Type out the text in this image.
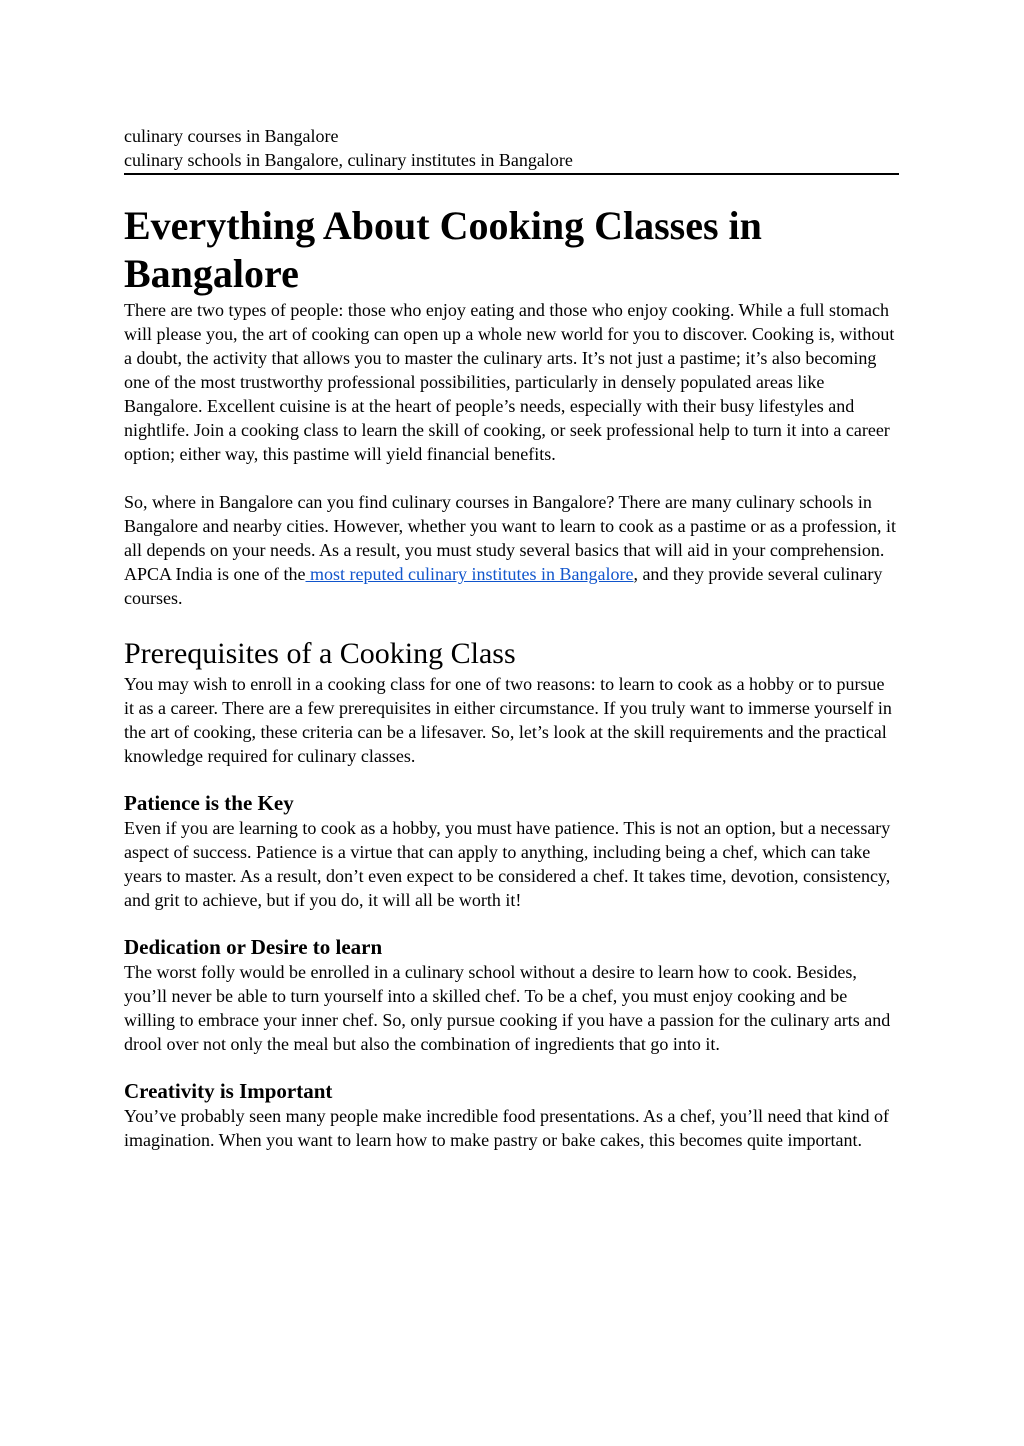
culinary courses in Bangalore
culinary schools in Bangalore, culinary institutes in Bangalore
Everything About Cooking Classes in Bangalore

There are two types of people: those who enjoy eating and those who enjoy cooking. While a full stomach will please you, the art of cooking can open up a whole new world for you to discover. Cooking is, without a doubt, the activity that allows you to master the culinary arts. It’s not just a pastime; it’s also becoming one of the most trustworthy professional possibilities, particularly in densely populated areas like Bangalore. Excellent cuisine is at the heart of people’s needs, especially with their busy lifestyles and nightlife. Join a cooking class to learn the skill of cooking, or seek professional help to turn it into a career option; either way, this pastime will yield financial benefits.

So, where in Bangalore can you find culinary courses in Bangalore? There are many culinary schools in Bangalore and nearby cities. However, whether you want to learn to cook as a pastime or as a profession, it all depends on your needs. As a result, you must study several basics that will aid in your comprehension. APCA India is one of the most reputed culinary institutes in Bangalore, and they provide several culinary courses.

Prerequisites of a Cooking Class

You may wish to enroll in a cooking class for one of two reasons: to learn to cook as a hobby or to pursue it as a career. There are a few prerequisites in either circumstance. If you truly want to immerse yourself in the art of cooking, these criteria can be a lifesaver. So, let’s look at the skill requirements and the practical knowledge required for culinary classes.

Patience is the Key

Even if you are learning to cook as a hobby, you must have patience. This is not an option, but a necessary aspect of success. Patience is a virtue that can apply to anything, including being a chef, which can take years to master. As a result, don’t even expect to be considered a chef. It takes time, devotion, consistency, and grit to achieve, but if you do, it will all be worth it!

Dedication or Desire to learn

The worst folly would be enrolled in a culinary school without a desire to learn how to cook. Besides, you’ll never be able to turn yourself into a skilled chef. To be a chef, you must enjoy cooking and be willing to embrace your inner chef. So, only pursue cooking if you have a passion for the culinary arts and drool over not only the meal but also the combination of ingredients that go into it.

Creativity is Important

You’ve probably seen many people make incredible food presentations. As a chef, you’ll need that kind of imagination. When you want to learn how to make pastry or bake cakes, this becomes quite important.
